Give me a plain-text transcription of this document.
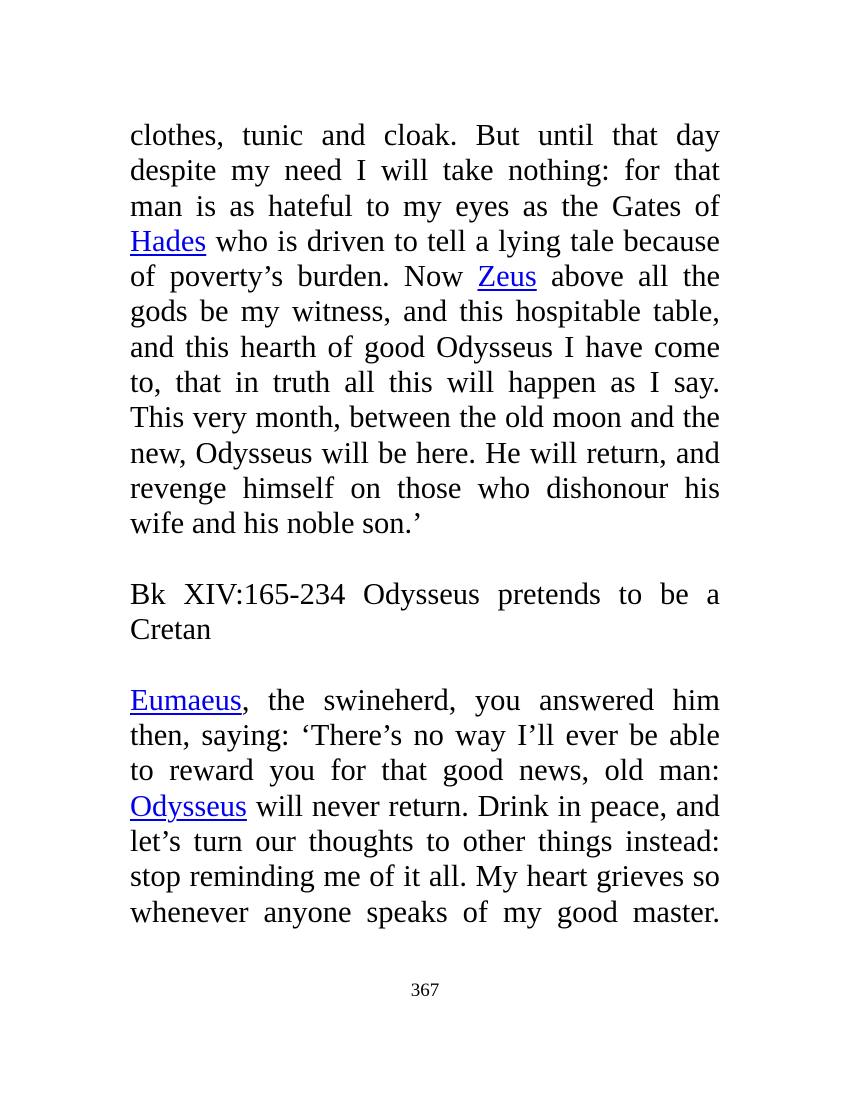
clothes, tunic and cloak. But until that day
despite my need I will take nothing: for that
man is as hateful to my eyes as the Gates of
Hades who is driven to tell a lying tale because
of poverty’s burden. Now Zeus above all the
gods be my witness, and this hospitable table,
and this hearth of good Odysseus I have come
to, that in truth all this will happen as I say.
This very month, between the old moon and the
new, Odysseus will be here. He will return, and
revenge himself on those who dishonour his
wife and his noble son.’
Bk XIV:165-234 Odysseus pretends to be a
Cretan
Eumaeus, the swineherd, you answered him
then, saying: ‘There’s no way I’ll ever be able
to reward you for that good news, old man:
Odysseus will never return. Drink in peace, and
let’s turn our thoughts to other things instead:
stop reminding me of it all. My heart grieves so
whenever anyone speaks of my good master.
367
